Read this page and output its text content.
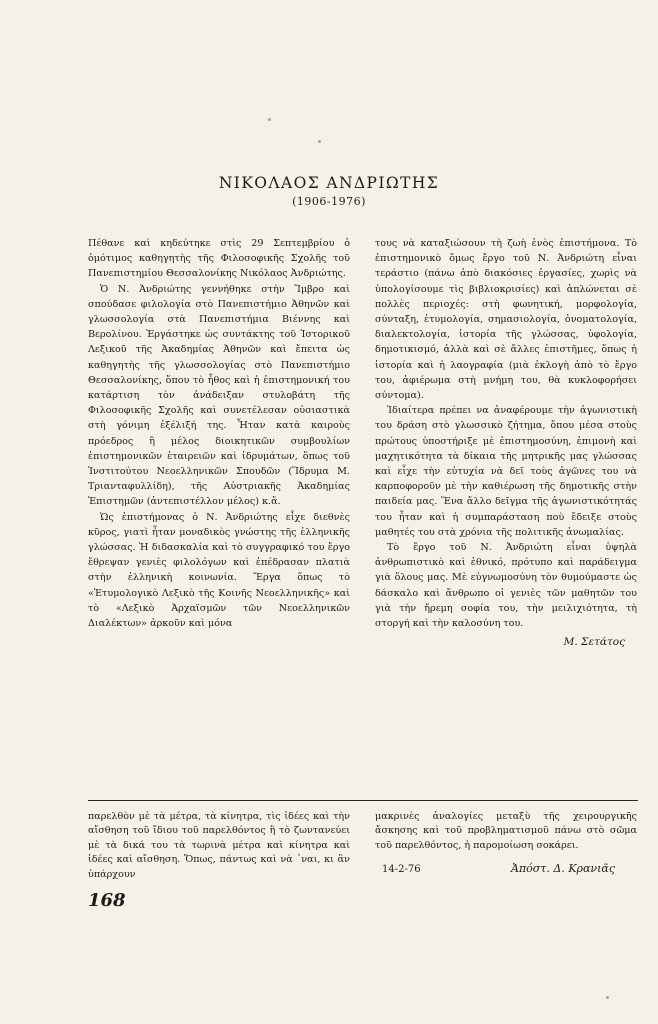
ΝΙΚΟΛΑΟΣ ΑΝΔΡΙΩΤΗΣ
(1906-1976)

Πέθανε καὶ κηδεύτηκε στὶς 29 Σεπτεμβρίου ὁ ὁμότιμος καθηγητὴς τῆς Φιλοσοφικῆς Σχολῆς τοῦ Πανεπιστημίου Θεσσαλονίκης Νικόλαος Ἀνδριώτης.

Ὁ Ν. Ἀνδριώτης γεννήθηκε στὴν Ἴμβρο καὶ σπούδασε φιλολογία στὸ Πανεπιστήμιο Ἀθηνῶν καὶ γλωσσολογία στὰ Πανεπιστήμια Βιέννης καὶ Βερολίνου. Ἐργάστηκε ὡς συντάκτης τοῦ Ἱστορικοῦ Λεξικοῦ τῆς Ἀκαδημίας Ἀθηνῶν καὶ ἔπειτα ὡς καθηγητὴς τῆς γλωσσολογίας στὸ Πανεπιστήμιο Θεσσαλονίκης, ὅπου τὸ ἦθος καὶ ἡ ἐπιστημονική του κατάρτιση τὸν ἀνάδειξαν στυλοβάτη τῆς Φιλοσοφικῆς Σχολῆς καὶ συνετέλεσαν οὐσιαστικὰ στὴ γόνιμη ἐξέλιξή της. Ἦταν κατὰ καιροὺς πρόεδρος ἢ μέλος διοικητικῶν συμβουλίων ἐπιστημονικῶν ἑταιρειῶν καὶ ἱδρυμάτων, ὅπως τοῦ Ἰνστιτούτου Νεοελληνικῶν Σπουδῶν (Ἵδρυμα Μ. Τριανταφυλλίδη), τῆς Αὐστριακῆς Ἀκαδημίας Ἐπιστημῶν (ἀντεπιστέλλον μέλος) κ.ἄ.

Ὡς ἐπιστήμονας ὁ Ν. Ἀνδριώτης εἶχε διεθνὲς κῦρος, γιατὶ ἦταν μοναδικὸς γνώστης τῆς ἑλληνικῆς γλώσσας. Ἡ διδασκαλία καὶ τὸ συγγραφικό του ἔργο ἔθρεψαν γενιὲς φιλολόγων καὶ ἐπέδρασαν πλατιὰ στὴν ἑλληνικὴ κοινωνία. Ἔργα ὅπως τὸ «Ἐτυμολογικὸ Λεξικὸ τῆς Κοινῆς Νεοελληνικῆς» καὶ τὸ «Λεξικὸ Ἀρχαϊσμῶν τῶν Νεοελληνικῶν Διαλέκτων» ἀρκοῦν καὶ μόνα

τους νὰ καταξιώσουν τὴ ζωὴ ἑνὸς ἐπιστήμονα. Τὸ ἐπιστημονικὸ ὅμως ἔργο τοῦ Ν. Ἀνδριώτη εἶναι τεράστιο (πάνω ἀπὸ διακόσιες ἐργασίες, χωρὶς νὰ ὑπολογίσουμε τὶς βιβλιοκρισίες) καὶ ἁπλώνεται σὲ πολλὲς περιοχές: στὴ φωνητική, μορφολογία, σύνταξη, ἐτυμολογία, σημασιολογία, ὀνοματολογία, διαλεκτολογία, ἱστορία τῆς γλώσσας, ὑφολογία, δημοτικισμό, ἀλλὰ καὶ σὲ ἄλλες ἐπιστῆμες, ὅπως ἡ ἱστορία καὶ ἡ λαογραφία (μιὰ ἐκλογὴ ἀπὸ τὸ ἔργο του, ἀφιέρωμα στὴ μνήμη του, θὰ κυκλοφορήσει σύντομα).

Ἰδιαίτερα πρέπει να ἀναφέρουμε τὴν ἀγωνιστικὴ του δράση στὸ γλωσσικὸ ζήτημα, ὅπου μέσα στοὺς πρώτους ὑποστήριξε μὲ ἐπιστημοσύνη, ἐπιμονὴ καὶ μαχητικότητα τὰ δίκαια τῆς μητρικῆς μας γλώσσας καὶ εἶχε τὴν εὐτυχία νὰ δεῖ τοὺς ἀγῶνες του νὰ καρποφοροῦν μὲ τὴν καθιέρωση τῆς δημοτικῆς στὴν παιδεία μας. Ἕνα ἄλλο δεῖγμα τῆς ἀγωνιστικότητάς του ἦταν καὶ ἡ συμπαράσταση ποὺ ἔδειξε στοὺς μαθητές του στὰ χρόνια τῆς πολιτικῆς ἀνωμαλίας.

Τὸ ἔργο τοῦ Ν. Ἀνδριώτη εἶναι ὑψηλὰ ἀνθρωπιστικὸ καὶ ἐθνικό, πρότυπο καὶ παράδειγμα γιὰ ὅλους μας. Μὲ εὐγνωμοσύνη τὸν θυμούμαστε ὡς δάσκαλο καὶ ἄνθρωπο οἱ γενιὲς τῶν μαθητῶν του γιὰ τὴν ἤρεμη σοφία του, τὴν μειλιχιότητα, τὴ στοργή καὶ τὴν καλοσύνη του.

Μ. Σετάτος
παρελθὸν μὲ τὰ μέτρα, τὰ κίνητρα, τὶς ἰδέες καὶ τὴν αἴσθηση τοῦ ἴδιου τοῦ παρελθόντος ἢ τὸ ζωντανεύει μὲ τὰ δικά του τὰ τωρινὰ μέτρα καὶ κίνητρα καὶ ἰδέες καὶ αἴσθηση. Ὅπως, πάντως καὶ νὰ ᾽ναι, κι ἂν ὑπάρχουν
μακρινὲς ἀναλογίες μεταξὺ τῆς χειρουργικῆς ἄσκησης καὶ τοῦ προβληματισμοῦ πάνω στὸ σῶμα τοῦ παρελθόντος, ἡ παρομοίωση σοκάρει.
14-2-76	Ἀπόστ. Δ. Κρανιᾶς
168
